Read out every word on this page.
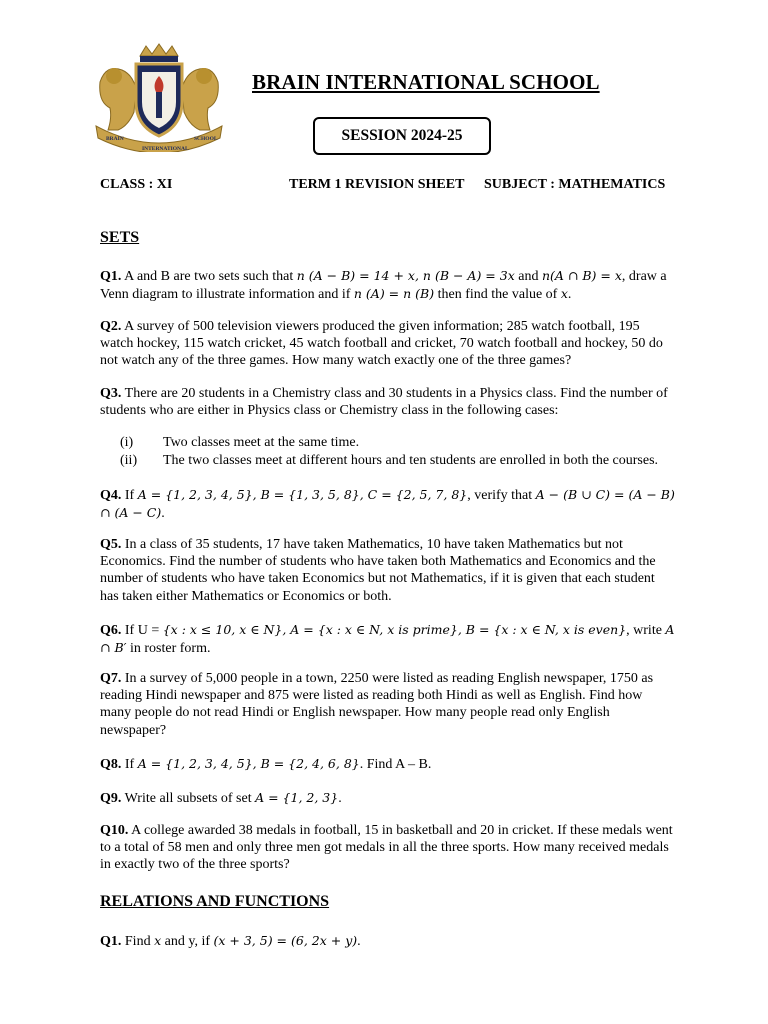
BRAIN
INTERNATIONAL
SCHOOL
BRAIN INTERNATIONAL SCHOOL
SESSION 2024-25
CLASS : XI	TERM 1 REVISION SHEET SUBJECT : MATHEMATICS
SETS
Q1. A and B are two sets such that n (A − B) = 14 + x, n (B − A) = 3x and n(A ∩ B) = x, draw a Venn diagram to illustrate information and if n (A) = n (B) then find the value of x.
Q2. A survey of 500 television viewers produced the given information; 285 watch football, 195 watch hockey, 115 watch cricket, 45 watch football and cricket, 70 watch football and hockey, 50 do not watch any of the three games. How many watch exactly one of the three games?
Q3. There are 20 students in a Chemistry class and 30 students in a Physics class. Find the number of students who are either in Physics class or Chemistry class in the following cases:
(i) Two classes meet at the same time.
(ii) The two classes meet at different hours and ten students are enrolled in both the courses.
Q4. If A = {1, 2, 3, 4, 5}, B = {1, 3, 5, 8}, C = {2, 5, 7, 8}, verify that A − (B ∪ C) = (A − B) ∩ (A − C).
Q5. In a class of 35 students, 17 have taken Mathematics, 10 have taken Mathematics but not Economics. Find the number of students who have taken both Mathematics and Economics and the number of students who have taken Economics but not Mathematics, if it is given that each student has taken either Mathematics or Economics or both.
Q6. If U = {x : x ≤ 10, x ∈ N}, A = {x : x ∈ N, x is prime}, B = {x : x ∈ N, x is even}, write A ∩ B′ in roster form.
Q7. In a survey of 5,000 people in a town, 2250 were listed as reading English newspaper, 1750 as reading Hindi newspaper and 875 were listed as reading both Hindi as well as English. Find how many people do not read Hindi or English newspaper. How many people read only English newspaper?
Q8. If A = {1, 2, 3, 4, 5}, B = {2, 4, 6, 8}. Find A – B.
Q9. Write all subsets of set A = {1, 2, 3}.
Q10. A college awarded 38 medals in football, 15 in basketball and 20 in cricket. If these medals went to a total of 58 men and only three men got medals in all the three sports. How many received medals in exactly two of the three sports?
RELATIONS AND FUNCTIONS
Q1. Find x and y, if (x + 3, 5) = (6, 2x + y).
